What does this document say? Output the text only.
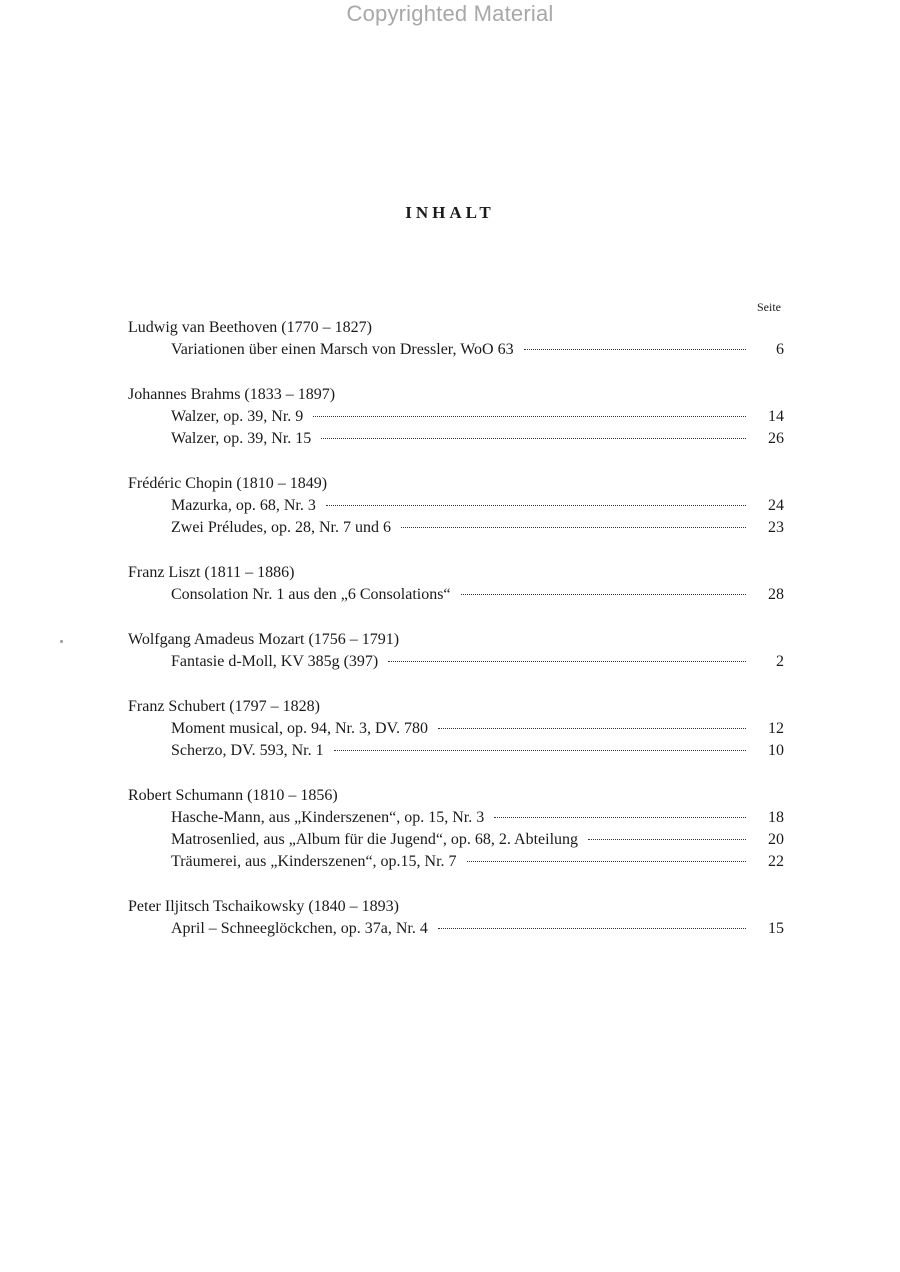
Copyrighted Material
INHALT
Seite
Ludwig van Beethoven (1770 – 1827)
Variationen über einen Marsch von Dressler, WoO 63	6
Johannes Brahms (1833 – 1897)
Walzer, op. 39, Nr. 9	14
Walzer, op. 39, Nr. 15	26
Frédéric Chopin (1810 – 1849)
Mazurka, op. 68, Nr. 3	24
Zwei Préludes, op. 28, Nr. 7 und 6	23
Franz Liszt (1811 – 1886)
Consolation Nr. 1 aus den „6 Consolations“	28
Wolfgang Amadeus Mozart (1756 – 1791)
Fantasie d-Moll, KV 385g (397)	2
Franz Schubert (1797 – 1828)
Moment musical, op. 94, Nr. 3, DV. 780	12
Scherzo, DV. 593, Nr. 1	10
Robert Schumann (1810 – 1856)
Hasche-Mann, aus „Kinderszenen“, op. 15, Nr. 3	18
Matrosenlied, aus „Album für die Jugend“, op. 68, 2. Abteilung	20
Träumerei, aus „Kinderszenen“, op.15, Nr. 7	22
Peter Iljitsch Tschaikowsky (1840 – 1893)
April – Schneeglöckchen, op. 37a, Nr. 4	15
